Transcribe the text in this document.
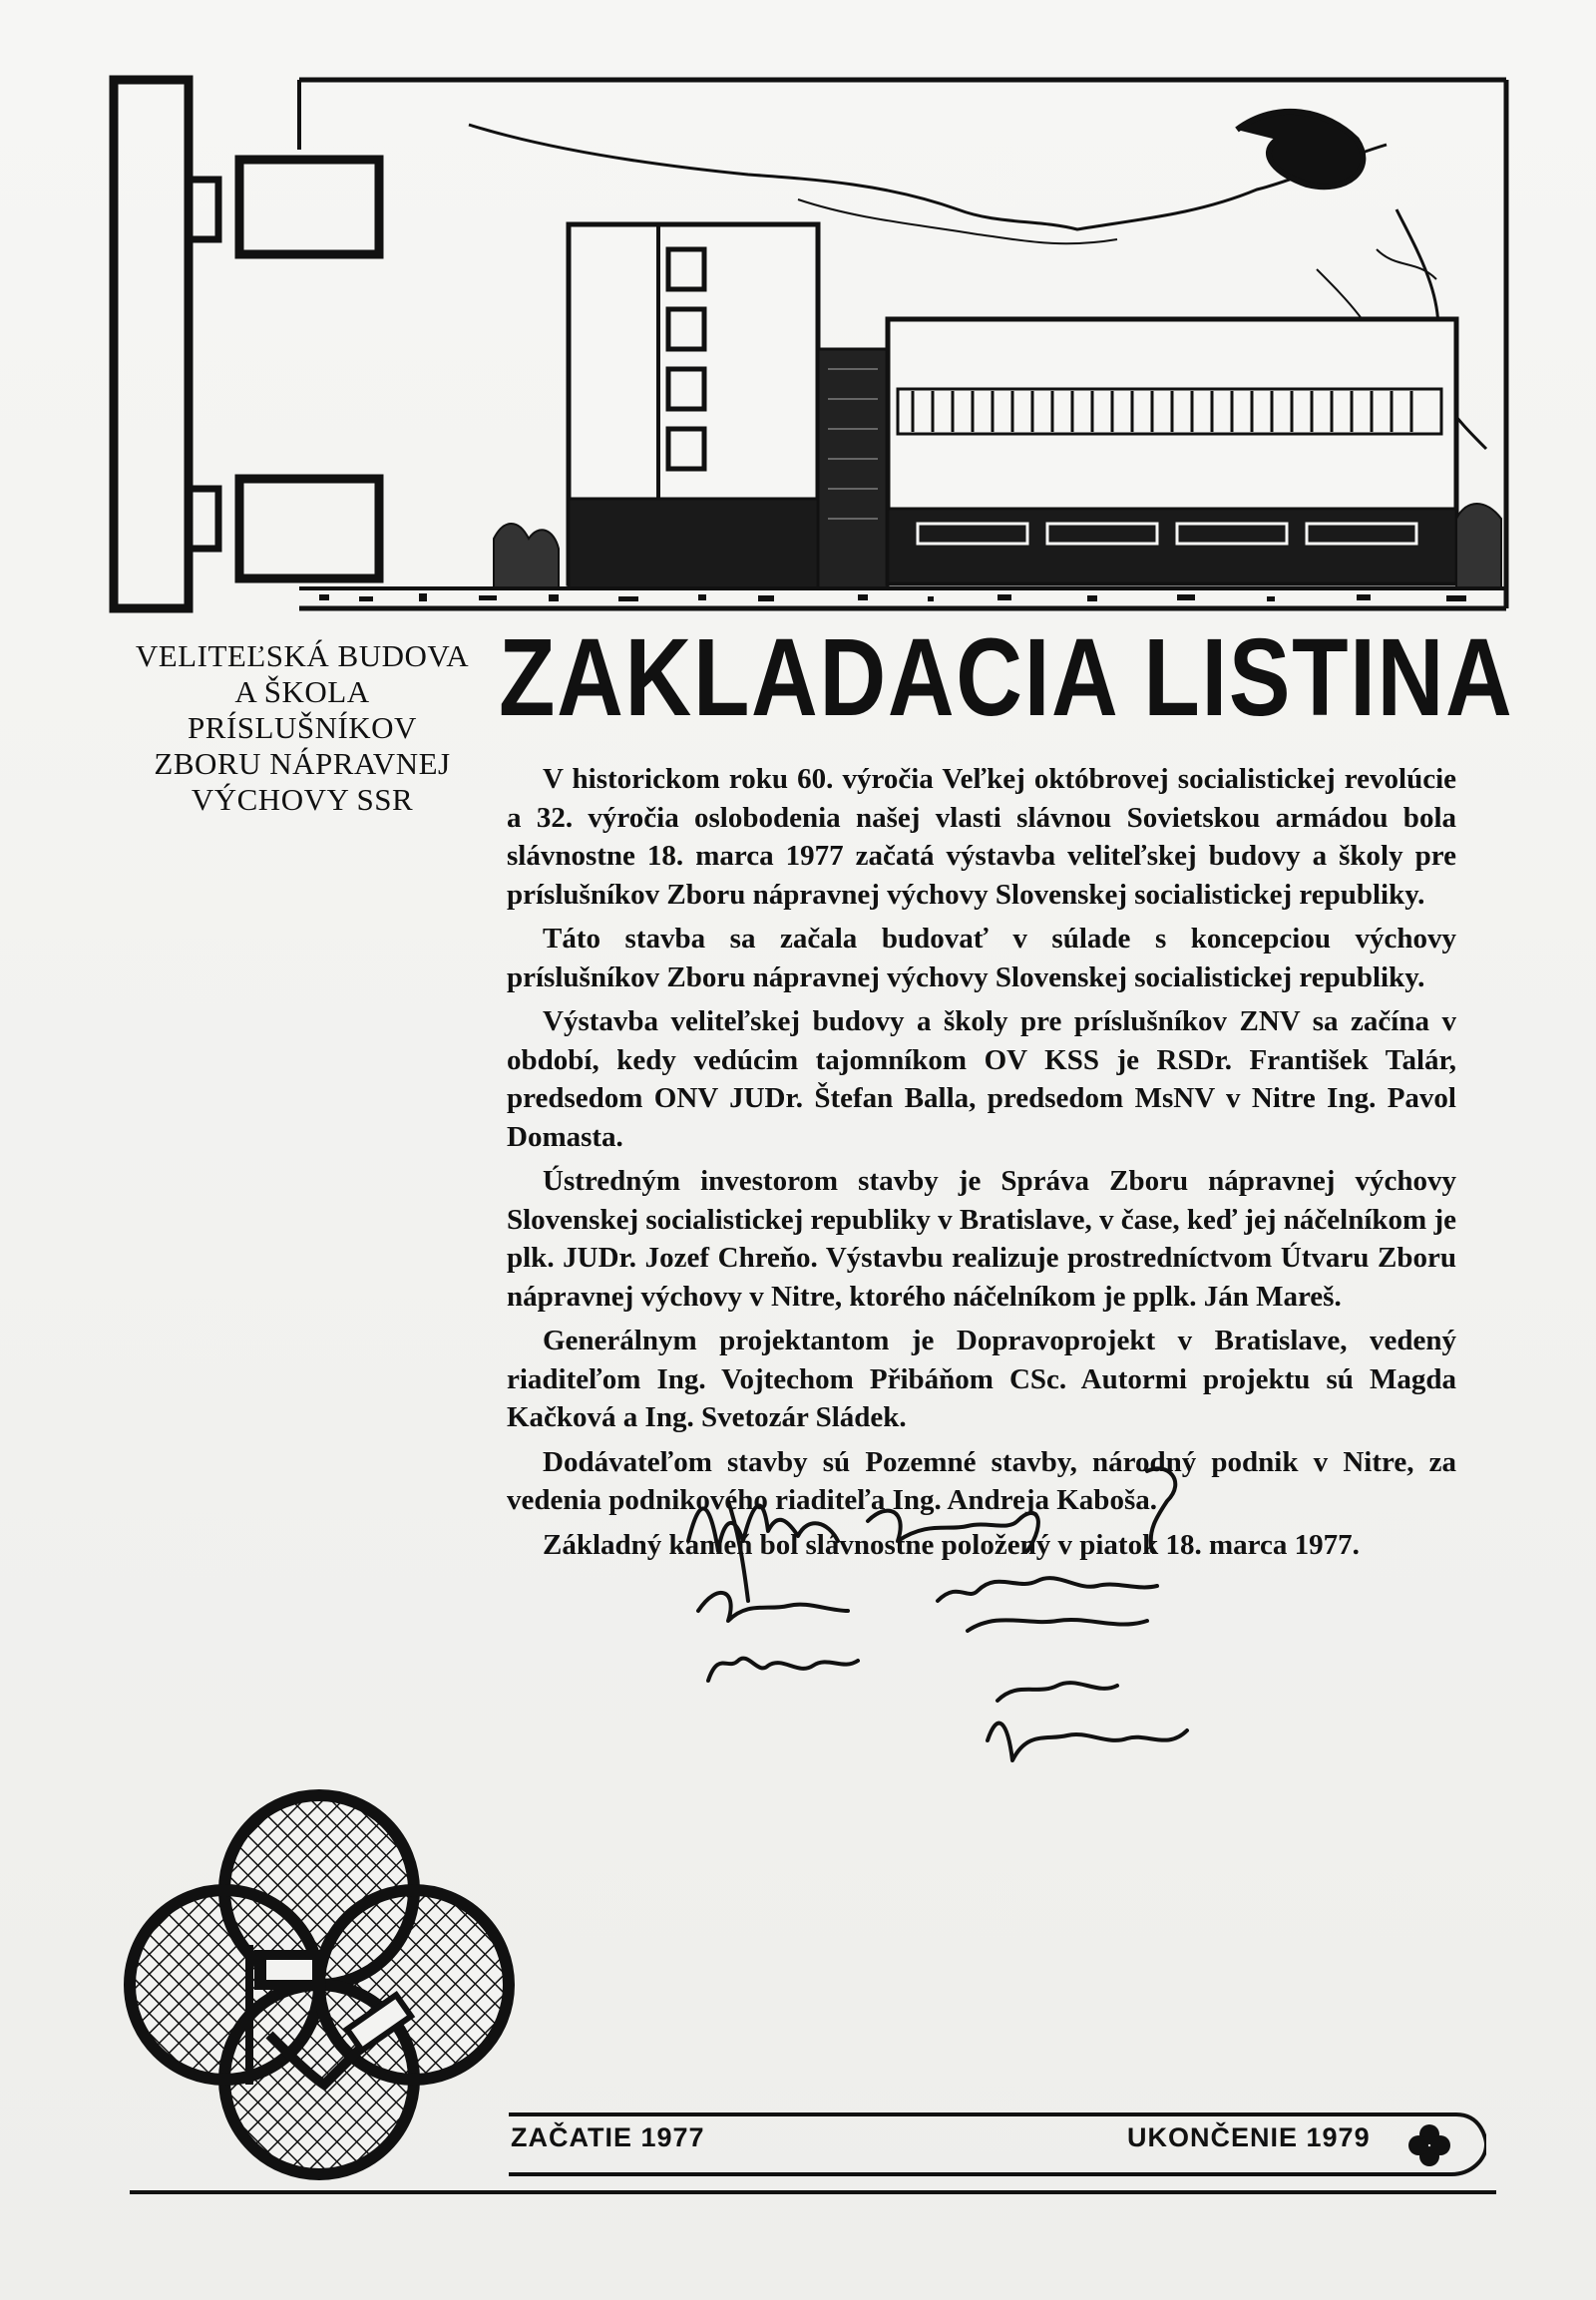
VELITEĽSKÁ BUDOVA
A ŠKOLA
PRÍSLUŠNÍKOV
ZBORU NÁPRAVNEJ
VÝCHOVY SSR
ZAKLADACIA LISTINA

V historickom roku 60. výročia Veľkej októbrovej socialistickej revolúcie a 32. výročia oslobodenia našej vlasti slávnou Sovietskou armádou bola slávnostne 18. marca 1977 začatá výstavba veliteľskej budovy a školy pre príslušníkov Zboru nápravnej výchovy Slovenskej socialistickej republiky.

Táto stavba sa začala budovať v súlade s koncepciou výchovy príslušníkov Zboru nápravnej výchovy Slovenskej socialistickej republiky.

Výstavba veliteľskej budovy a školy pre príslušníkov ZNV sa začína v období, kedy vedúcim tajomníkom OV KSS je RSDr. František Talár, predsedom ONV JUDr. Štefan Balla, predsedom MsNV v Nitre Ing. Pavol Domasta.

Ústredným investorom stavby je Správa Zboru nápravnej výchovy Slovenskej socialistickej republiky v Bratislave, v čase, keď jej náčelníkom je plk. JUDr. Jozef Chreňo. Výstavbu realizuje prostredníctvom Útvaru Zboru nápravnej výchovy v Nitre, ktorého náčelníkom je pplk. Ján Mareš.

Generálnym projektantom je Dopravoprojekt v Bratislave, vedený riaditeľom Ing. Vojtechom Přibáňom CSc. Autormi projektu sú Magda Kačková a Ing. Svetozár Sládek.

Dodávateľom stavby sú Pozemné stavby, národný podnik v Nitre, za vedenia podnikového riaditeľa Ing. Andreja Kaboša.

Základný kameň bol slávnostne položený v piatok 18. marca 1977.

ZAČATIE 1977	UKONČENIE 1979
